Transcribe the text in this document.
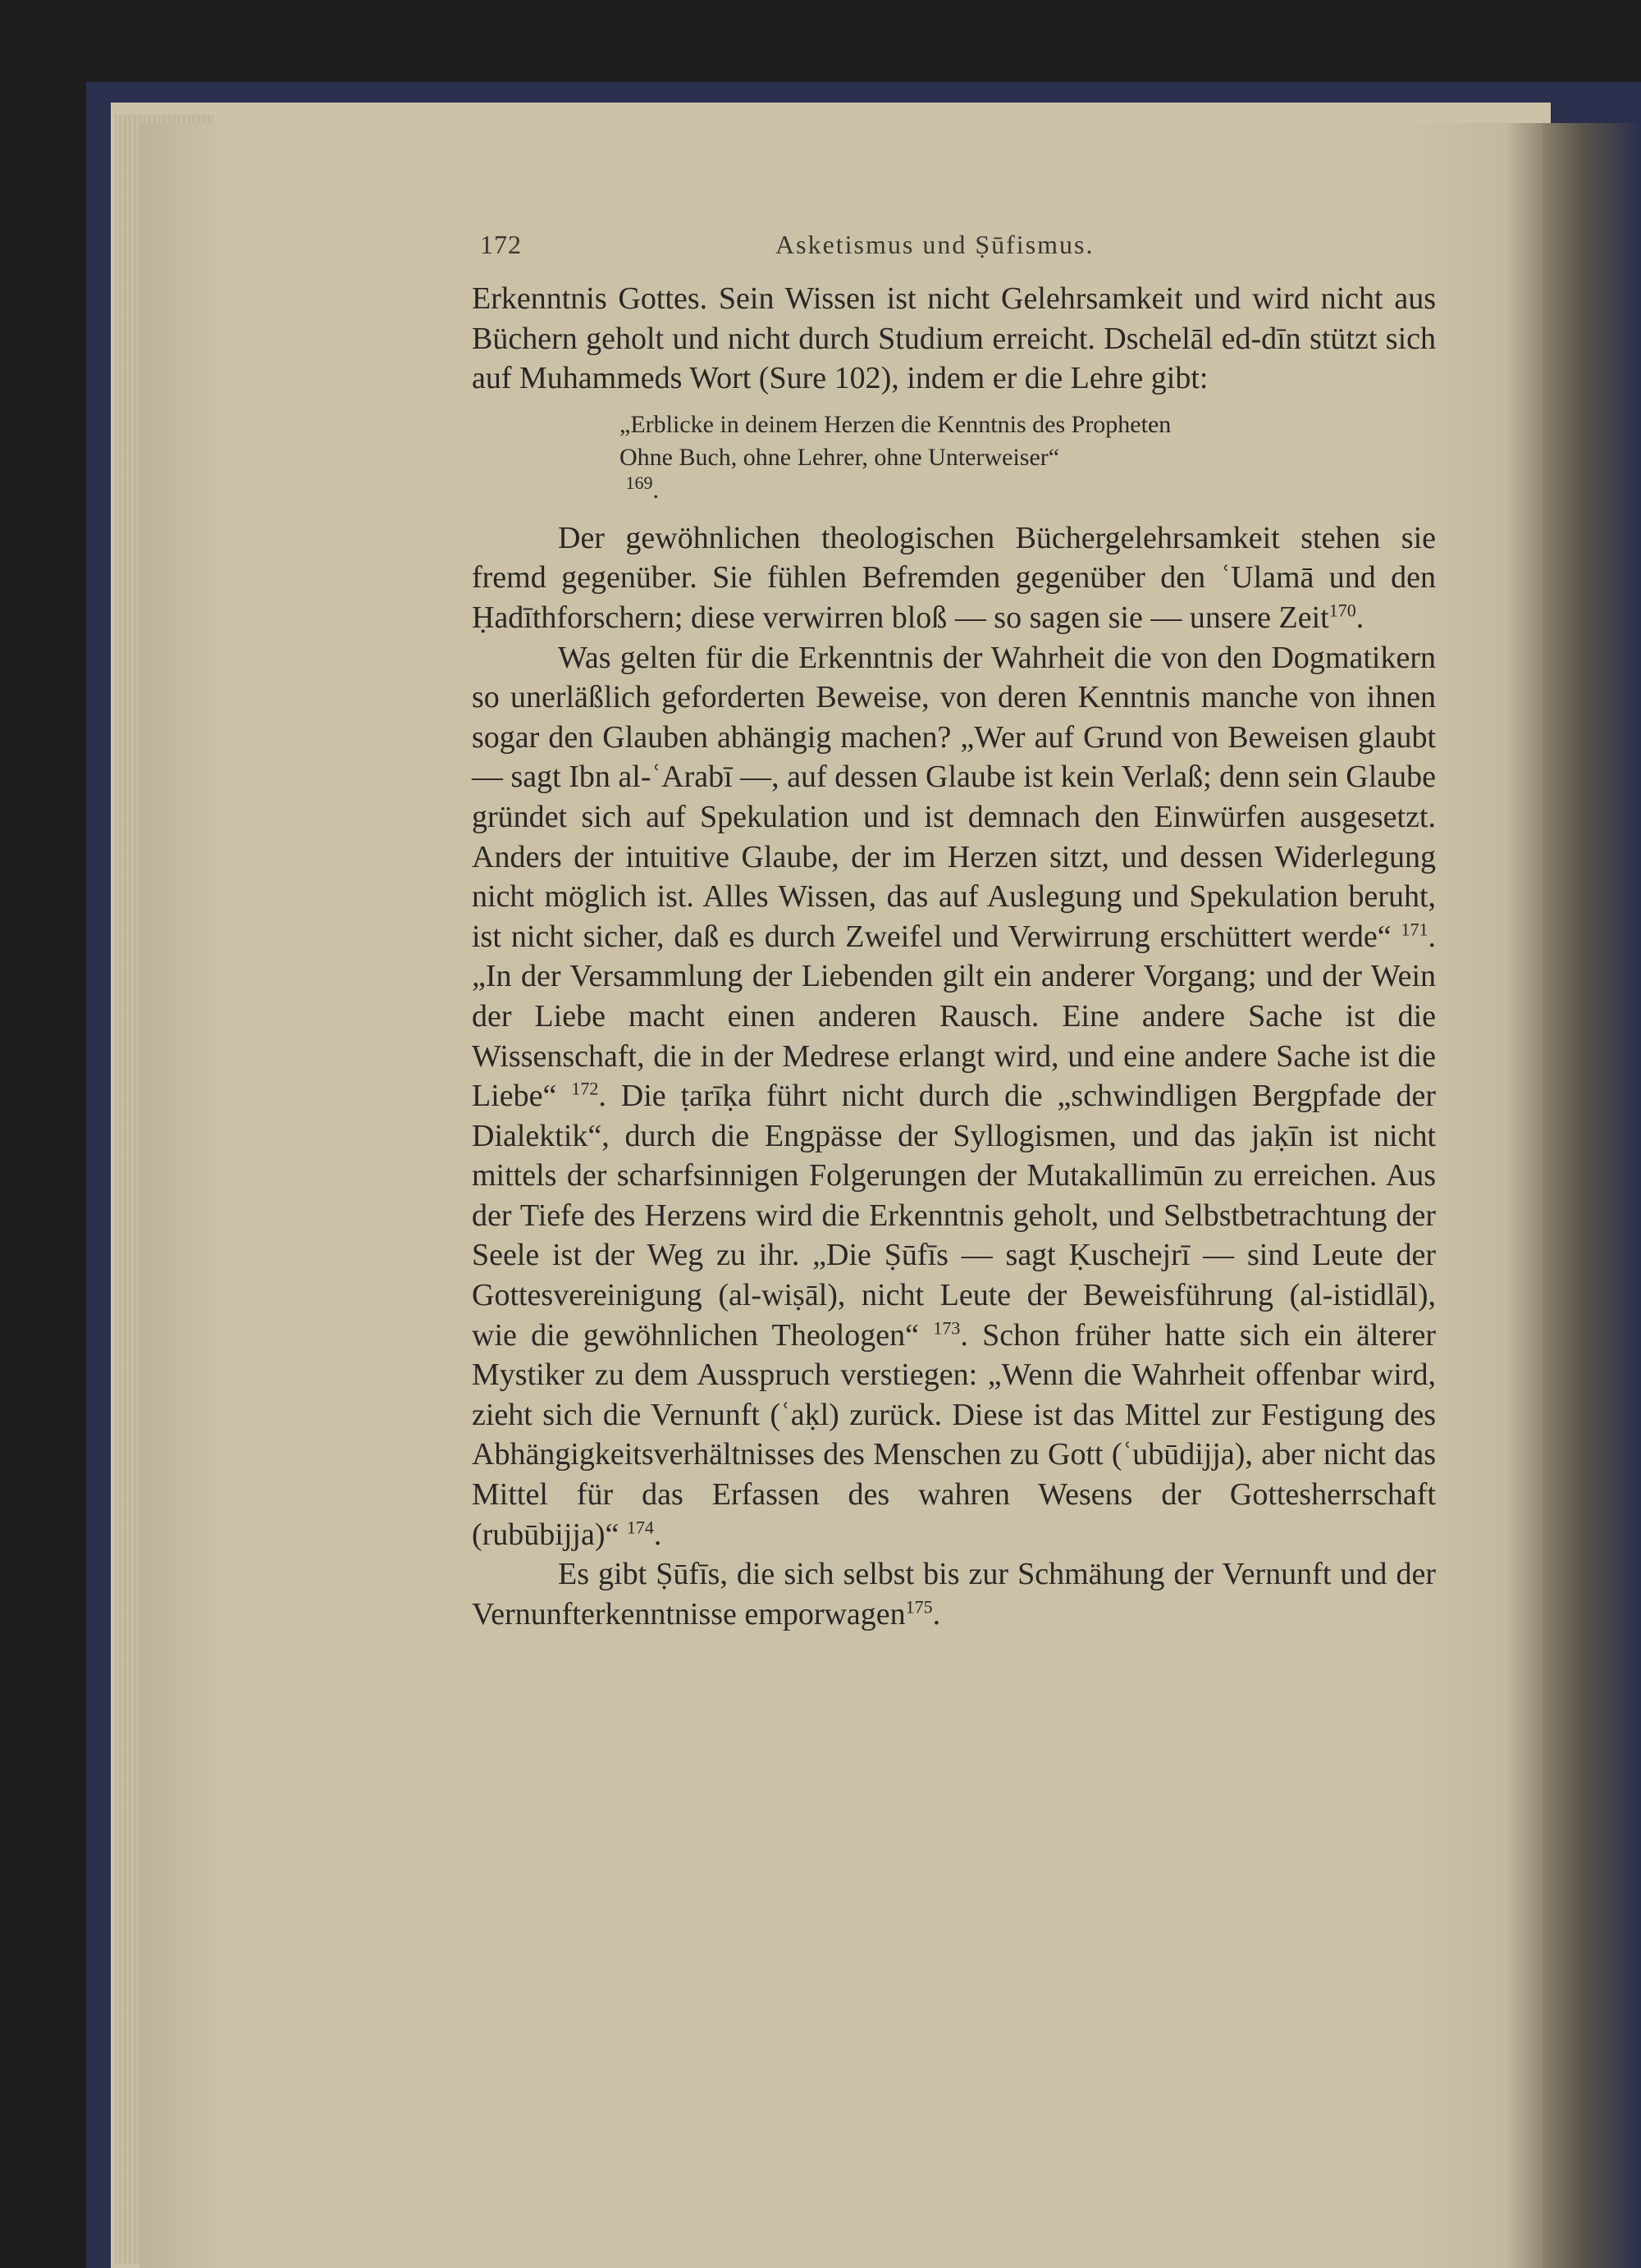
172	Asketismus und Ṣūfismus.

Erkenntnis Gottes. Sein Wissen ist nicht Gelehrsamkeit und wird nicht aus Büchern geholt und nicht durch Studium erreicht. Dschelāl ed-dīn stützt sich auf Muhammeds Wort (Sure 102), indem er die Lehre gibt:

„Erblicke in deinem Herzen die Kenntnis des Propheten
Ohne Buch, ohne Lehrer, ohne Unterweiser“
$^{169}$.

Der gewöhnlichen theologischen Büchergelehrsamkeit stehen sie fremd gegenüber. Sie fühlen Befremden gegenüber den ʿUlamā und den Ḥadīthforschern; diese verwirren bloß — so sagen sie — unsere Zeit$^{170}$.

Was gelten für die Erkenntnis der Wahrheit die von den Dogmatikern so unerläßlich geforderten Beweise, von deren Kenntnis manche von ihnen sogar den Glauben abhängig machen? „Wer auf Grund von Beweisen glaubt — sagt Ibn al-ʿArabī —, auf dessen Glaube ist kein Verlaß; denn sein Glaube gründet sich auf Spekulation und ist demnach den Einwürfen ausgesetzt. Anders der intuitive Glaube, der im Herzen sitzt, und dessen Widerlegung nicht möglich ist. Alles Wissen, das auf Auslegung und Spekulation beruht, ist nicht sicher, daß es durch Zweifel und Verwirrung erschüttert werde“ $^{171}$. „In der Versammlung der Liebenden gilt ein anderer Vorgang; und der Wein der Liebe macht einen anderen Rausch. Eine andere Sache ist die Wissenschaft, die in der Medrese erlangt wird, und eine andere Sache ist die Liebe“ $^{172}$. Die ṭarīḳa führt nicht durch die „schwindligen Bergpfade der Dialektik“, durch die Engpässe der Syllogismen, und das jaḳīn ist nicht mittels der scharfsinnigen Folgerungen der Mutakallimūn zu erreichen. Aus der Tiefe des Herzens wird die Erkenntnis geholt, und Selbstbetrachtung der Seele ist der Weg zu ihr. „Die Ṣūfīs — sagt Ḳuschejrī — sind Leute der Gottesvereinigung (al-wiṣāl), nicht Leute der Beweisführung (al-istidlāl), wie die gewöhnlichen Theologen“ $^{173}$. Schon früher hatte sich ein älterer Mystiker zu dem Ausspruch verstiegen: „Wenn die Wahrheit offenbar wird, zieht sich die Vernunft (ʿaḳl) zurück. Diese ist das Mittel zur Festigung des Abhängigkeitsverhältnisses des Menschen zu Gott (ʿubūdijja), aber nicht das Mittel für das Erfassen des wahren Wesens der Gottesherrschaft (rubūbijja)“ $^{174}$.

Es gibt Ṣūfīs, die sich selbst bis zur Schmähung der Vernunft und der Vernunfterkenntnisse emporwagen$^{175}$.
